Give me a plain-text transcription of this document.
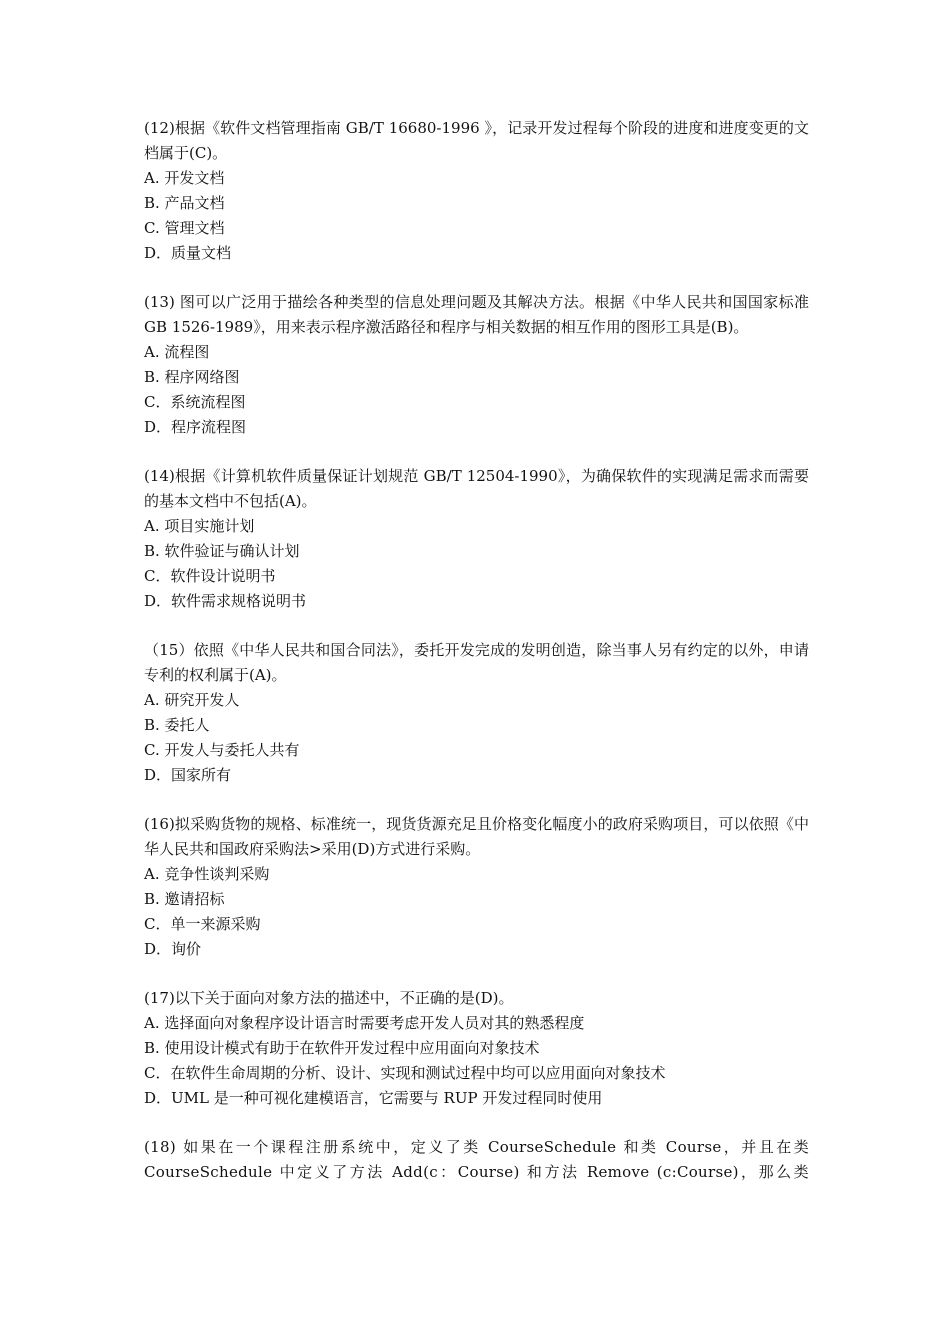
(12)根据《软件文档管理指南 GB/T 16680-1996 》，记录开发过程每个阶段的进度和进度变更的文档属于(C)。

A. 开发文档

B. 产品文档

C. 管理文档

D．质量文档

(13) 图可以广泛用于描绘各种类型的信息处理问题及其解决方法。根据《中华人民共和国国家标准 GB 1526-1989》，用来表示程序激活路径和程序与相关数据的相互作用的图形工具是(B)。

A. 流程图

B. 程序网络图

C．系统流程图

D．程序流程图

(14)根据《计算机软件质量保证计划规范 GB/T 12504-1990》，为确保软件的实现满足需求而需要的基本文档中不包括(A)。

A. 项目实施计划

B. 软件验证与确认计划

C．软件设计说明书

D．软件需求规格说明书

（15）依照《中华人民共和国合同法》，委托开发完成的发明创造，除当事人另有约定的以外，申请专利的权利属于(A)。

A. 研究开发人

B. 委托人

C. 开发人与委托人共有

D．国家所有

(16)拟采购货物的规格、标准统一，现货货源充足且价格变化幅度小的政府采购项目，可以依照《中华人民共和国政府采购法>采用(D)方式进行采购。

A. 竞争性谈判采购

B. 邀请招标

C．单一来源采购

D．询价

(17)以下关于面向对象方法的描述中，不正确的是(D)。

A. 选择面向对象程序设计语言时需要考虑开发人员对其的熟悉程度

B. 使用设计模式有助于在软件开发过程中应用面向对象技术

C．在软件生命周期的分析、设计、实现和测试过程中均可以应用面向对象技术

D．UML 是一种可视化建模语言，它需要与 RUP 开发过程同时使用

(18) 如果在一个课程注册系统中，定义了类 CourseSchedule 和类 Course，并且在类

CourseSchedule 中定义了方法 Add(c：Course) 和方法 Remove (c:Course)，那么类
